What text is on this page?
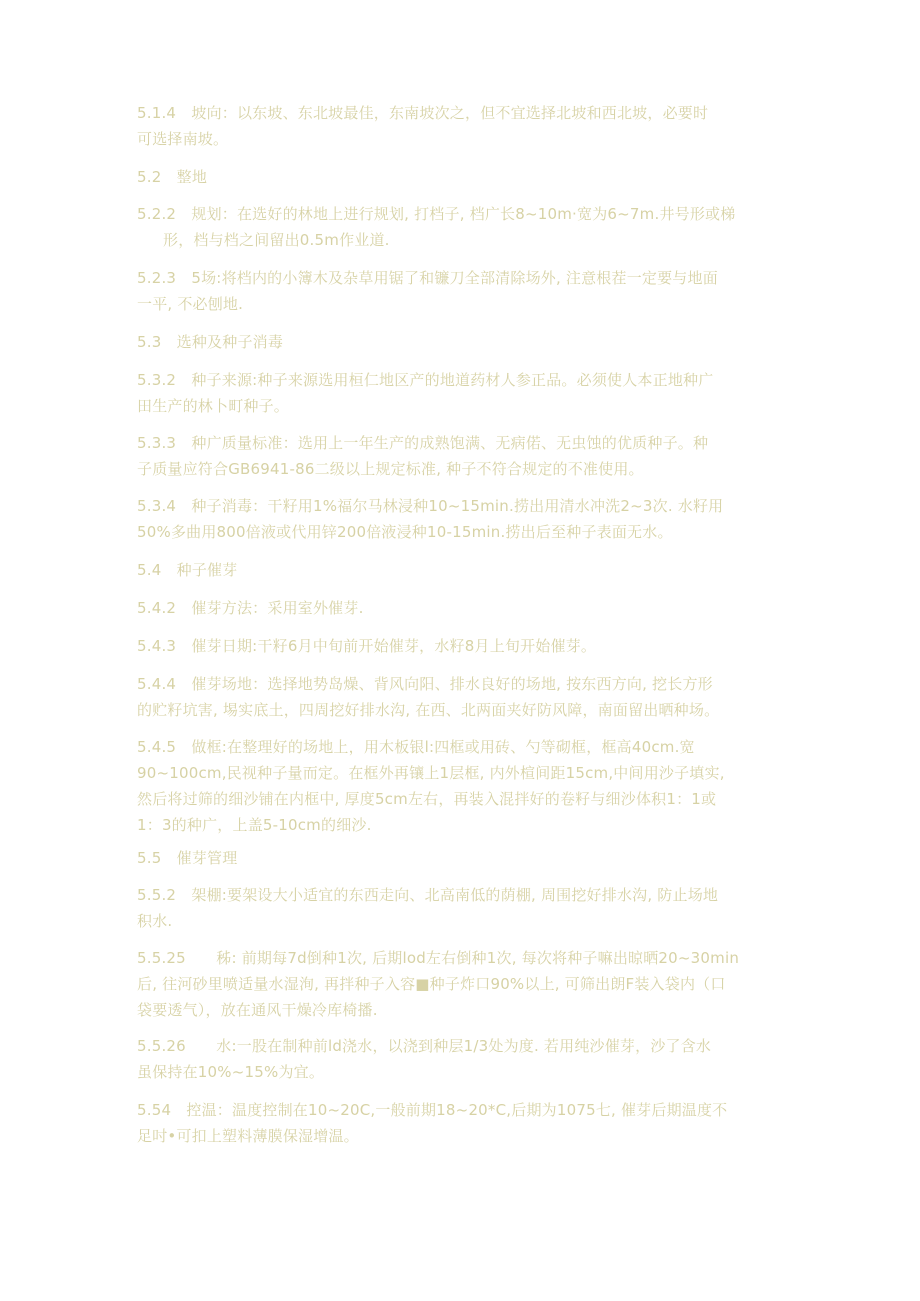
5.1.4　坡向：以东坡、东北坡最佳，东南坡次之，但不宜选择北坡和西北坡，必要时
可选择南坡。
5.2　整地
5.2.2　规划：在选好的林地上进行规划, 打档子, 档广长8~10m·宽为6~7m.井号形或梯
形，档与档之间留出0.5m作业道.
5.2.3　5场:将档内的小簿木及杂草用锯了和镰刀全部清除场外, 注意根茬一定要与地面
一平, 不必刨地.
5.3　选种及种子消毒
5.3.2　种子来源:种子来源选用桓仁地区产的地道药材人参正品。必须使人本正地种广
田生产的林卜町种子。
5.3.3　种广质量标准：选用上一年生产的成熟饱满、无病偌、无虫蚀的优质种子。种
子质量应符合GB6941-86二级以上规定标准, 种子不符合规定的不准使用。
5.3.4　种子消毒：干籽用1%福尔马林浸种10~15min.捞出用清水冲洗2~3次. 水籽用
50%多曲用800倍液或代用锌200倍液浸种10-15min.捞出后至种子表面无水。
5.4　种子催芽
5.4.2　催芽方法：采用室外催芽.
5.4.3　催芽日期:干籽6月中旬前开始催芽，水籽8月上旬开始催芽。
5.4.4　催芽场地：选择地势岛燥、背风向阳、排水良好的场地, 按东西方向, 挖长方形
的贮籽坑害, 埸实底土，四周挖好排水沟, 在西、北两面夹好防风障，南面留出晒种场。
5.4.5　做框:在整理好的场地上，用木板银l:四框或用砖、勺等砌框，框高40cm.宽
90~100cm,民视种子量而定。在框外再镶上1层框, 内外楦间距15cm,中间用沙子填实,
然后将过筛的细沙铺在内框中, 厚度5cm左右，再装入混拌好的卷籽与细沙体积1：1或
1：3的种广，上盖5-10cm的细沙.
5.5　催芽管理
5.5.2　架棚:要架设大小适宜的东西走向、北高南低的荫棚, 周围挖好排水沟, 防止场地
积水.
5.5.25　　秭: 前期每7d倒种1次, 后期lod左右倒种1次, 每次将种子嘛出晾晒20~30min
后, 往河砂里喷适量水湿洵, 再拌种子入容■种子炸口90%以上, 可筛出朗F装入袋内（口
袋要透气），放在通风干燥冷库椅播.
5.5.26　　水:一股在制种前ld浇水，以浇到种层1/3处为度. 若用纯沙催芽，沙了含水
虽保持在10%~15%为宜。
5.54　控温：温度控制在10~20C,一般前期18~20*C,后期为1075七, 催芽后期温度不
足吋•可扣上塑料薄膜保湿增温。
